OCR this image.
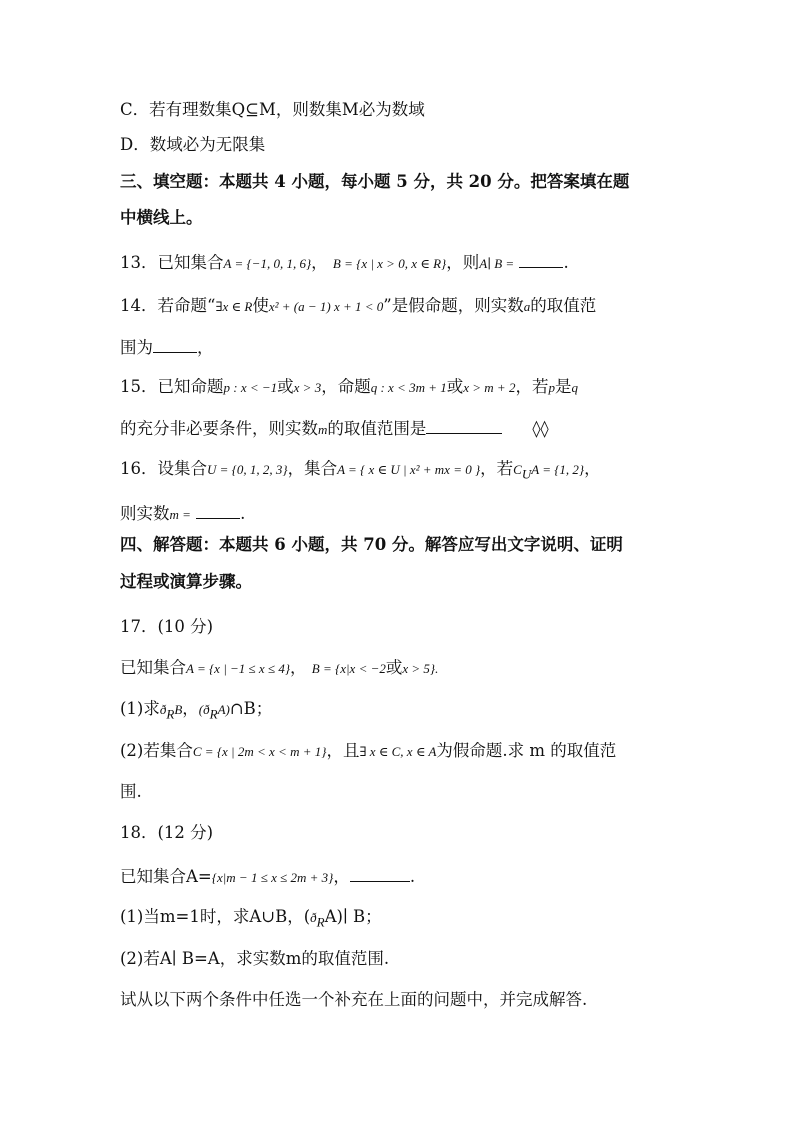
C．若有理数集Q⊆M，则数集M必为数域
D．数域必为无限集
三、填空题：本题共 4 小题，每小题 5 分，共 20 分。把答案填在题
中横线上。
13．已知集合A = {−1, 0, 1, 6}， B = {x | x > 0, x ∈ R}，则A∣ B =	.
14．若命题“∃x ∈ R使x² + (a − 1) x + 1 < 0”是假命题，则实数a的取值范
围为	，
15．已知命题p : x < −1或x > 3，命题q : x < 3m + 1或x > m + 2，若p是q
的充分非必要条件，则实数m的取值范围是	◊◊
16．设集合U = {0, 1, 2, 3}，集合A = { x ∈ U | x² + mx = 0 }，若$C_UA = \{1$, 2}，
则实数m =	.
四、解答题：本题共 6 小题，共 70 分。解答应写出文字说明、证明
过程或演算步骤。
17．(10 分)
已知集合A = {x | −1 ≤ x ≤ 4}， B = {x|x < −2或x > 5}.
(1)求$ð_RB$，$(ð_RA)\cap B$；
(2)若集合C = {x | 2m < x < m + 1}，且∃ x ∈ C, x ∈ A为假命题.求 m 的取值范
围.
18．(12 分)
已知集合A={x|m − 1 ≤ x ≤ 2m + 3}，	.
(1)当m=1时，求A∪B，$(ð_RA)∣$ B；
(2)若A∣ B=A，求实数m的取值范围.
试从以下两个条件中任选一个补充在上面的问题中，并完成解答.
